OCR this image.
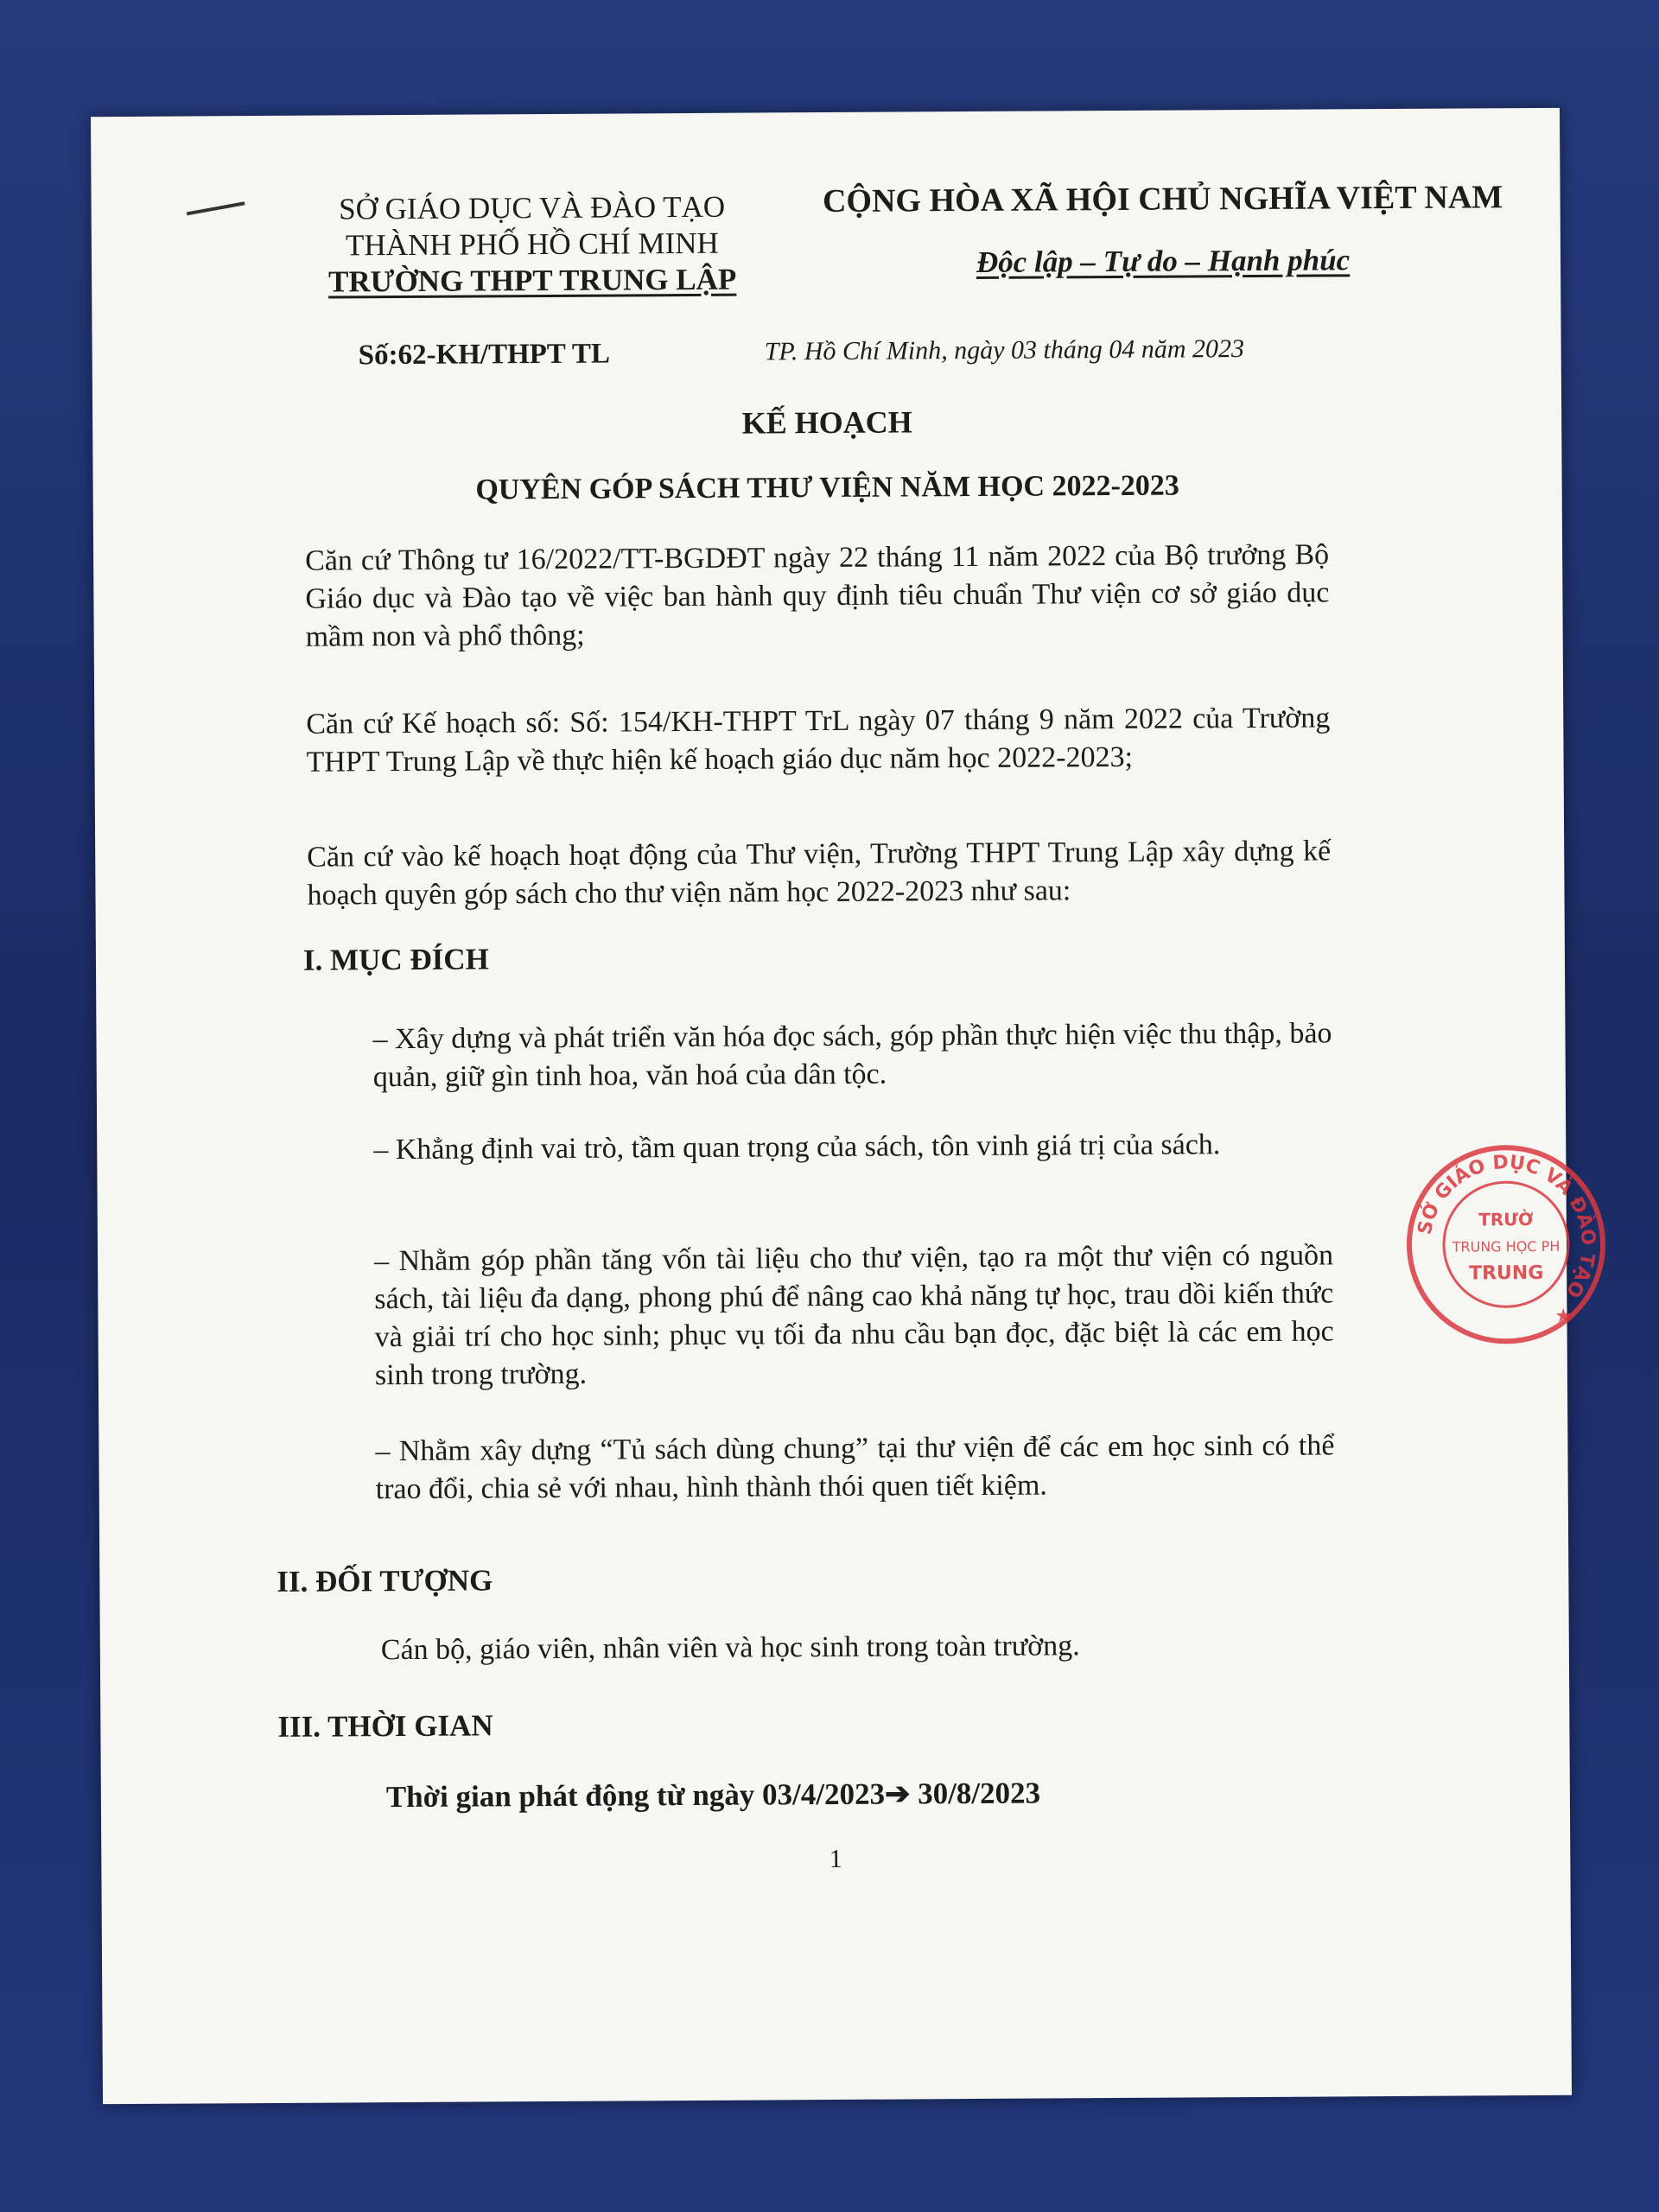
SỞ GIÁO DỤC VÀ ĐÀO TẠO
THÀNH PHỐ HỒ CHÍ MINH
TRƯỜNG THPT TRUNG LẬP
CỘNG HÒA XÃ HỘI CHỦ NGHĨA VIỆT NAM
Độc lập – Tự do – Hạnh phúc
Số:62-KH/THPT TL	TP. Hồ Chí Minh, ngày 03 tháng 04 năm 2023
KẾ HOẠCH
QUYÊN GÓP SÁCH THƯ VIỆN NĂM HỌC 2022-2023
Căn cứ Thông tư 16/2022/TT-BGDĐT ngày 22 tháng 11 năm 2022 của Bộ trưởng Bộ Giáo dục và Đào tạo về việc ban hành quy định tiêu chuẩn Thư viện cơ sở giáo dục mầm non và phổ thông;
Căn cứ Kế hoạch số: Số: 154/KH-THPT TrL ngày 07 tháng 9 năm 2022 của Trường THPT Trung Lập về thực hiện kế hoạch giáo dục năm học 2022-2023;
Căn cứ vào kế hoạch hoạt động của Thư viện, Trường THPT Trung Lập xây dựng kế hoạch quyên góp sách cho thư viện năm học 2022-2023 như sau:
I. MỤC ĐÍCH
– Xây dựng và phát triển văn hóa đọc sách, góp phần thực hiện việc thu thập, bảo quản, giữ gìn tinh hoa, văn hoá của dân tộc.
– Khẳng định vai trò, tầm quan trọng của sách, tôn vinh giá trị của sách.
– Nhằm góp phần tăng vốn tài liệu cho thư viện, tạo ra một thư viện có nguồn sách, tài liệu đa dạng, phong phú để nâng cao khả năng tự học, trau dồi kiến thức và giải trí cho học sinh; phục vụ tối đa nhu cầu bạn đọc, đặc biệt là các em học sinh trong trường.
– Nhằm xây dựng “Tủ sách dùng chung” tại thư viện để các em học sinh có thể trao đổi, chia sẻ với nhau, hình thành thói quen tiết kiệm.
II. ĐỐI TƯỢNG
Cán bộ, giáo viên, nhân viên và học sinh trong toàn trường.
III. THỜI GIAN
Thời gian phát động từ ngày 03/4/2023➔ 30/8/2023
1
SỞ GIÁO DỤC VÀ ĐÀO TẠO
TRƯỜ
TRUNG HỌC PH
TRUNG
★
